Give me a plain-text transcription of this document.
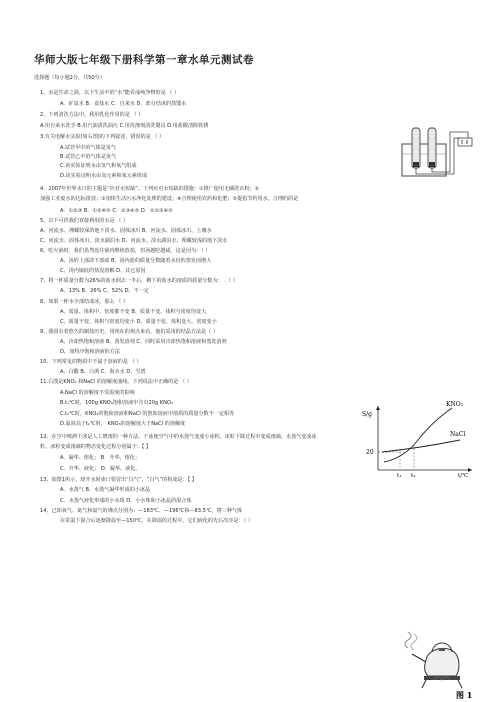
华师大版七年级下册科学第一章水单元测试卷
选择题（每小题2分，共50分）
1、水是生命之源，以下生活中的“水”能看成纯净物的是 （ ）
A．矿泉水 B．食盐水 C．自来水 D．部分结冰的蒸馏水
2、下列清洗方法中，利用乳化作用的是 （ ）
A.用自来水洗手 B.用汽油清洗油污 C.用洗涤剂清洗餐具 D.用盐酸清除铁锈
3.有关电解水实验(如右图)的下列叙述，错误的是 （ ）
A.试管甲中的气体是氢气
B.试管乙中的气体是氢气
C.该实验证明水由氢气和氧气组成
D.该实验证明水由氢元素和氧元素组成
4．2007年世界水日的主题是“应对水短缺”。下列应对水短缺的措施：①推广使用无磷洗衣粉；②
加强工业废水的达标排放；③加快生活污水净化处理的建设；④合理使用农药和化肥；⑤提倡节约用水。合理的的是
A．①②③ B．①②④⑤ C．②③④⑤ D．①②③④⑤
5、以下可供我们直接利用的水是 （ ）
A、河流水、埋藏较深的地下淡水、固体冰川 B、河流水、固体冰川、土壤水
C、河流水、固体冰川、淡水湖泊水 D、河流水、淡水湖泊水、埋藏较浅的地下淡水
6、吃火锅时，我们虽然没往锅内继续放盐，但汤越吃越咸，这是因为：（ ）
A、汤的上部淡下部咸 B、汤内盐的质量分数随着水份的蒸发而增大
C、汤内锅底的盐没溶解 D、其它原因
7、将一杯质量分数为26%的盐水倒去一半后，剩下的盐水的溶质的质量分数为： .（ ）
A、13% B、26% C、52% D、不一定
8、如果一杯水全部结成冰，那么 （ ）
A、质量、体积中、密度都不变 B、质量不变、体积与密度均变大
C、质量不变、体积与密度均变小 D、质量不变、体积变大、密度变小
9、我国有着悠久的制盐历史，用现在的观点来看，他们采用的结晶方法是（ ）
A、冷却热饱和溶液 B、蒸发溶剂 C、同时采用冷却热饱和溶液和蒸发溶剂
D、加热冷饱和溶液的方法
10、下列常见的物质中不属于溶液的是 （ ）
A、白醋 B、白酒 C、海水水 D、雪碧
11.右图是KNO₃ 和NaCl 的溶解度曲线。下列说法中正确的是 （ ）
A.NaCl 的溶解度不受温度的影响
B.t₁℃时，100g KNO₃饱和溶液中含有20g KNO₃
C.t₂℃时，KNO₃的饱和溶液和NaCl 的饱和溶液中溶质的质量分数不一定相等
D.温度高于t₂℃时， KNO₃的溶解度大于NaCl 的溶解度
12、在空中喷洒干冰是人工增雨的一种方法。干冰使空气中的水蒸气变成小冰粒，冰粒下降过程中变成雨滴。水蒸气变成冰
粒、冰粒变成雨滴的物态变化过程分别属于：【 】
A．凝华、熔化； B．升华、熔化；
C．升华、液化； D．凝华、液化。
13、如图1所示，烧开水时壶口要冒出“白气”，“白气”的构成是：【 】
A．水蒸气 B．水蒸气凝华形成的小冰晶
C．水蒸气液化形成的小水珠 D．小水珠和小冰晶的混合体
14、已知氧气、氮气和氦气的沸点分别为：—183℃、—196℃和—83.5℃，将三种气体
在常温下混合后逐渐降温至—150℃，在降温的过程中，它们液化的先后次序是：（ ）
S/g
20
t₁ t₂	t/℃
KNO₃
NaCl
图 1
